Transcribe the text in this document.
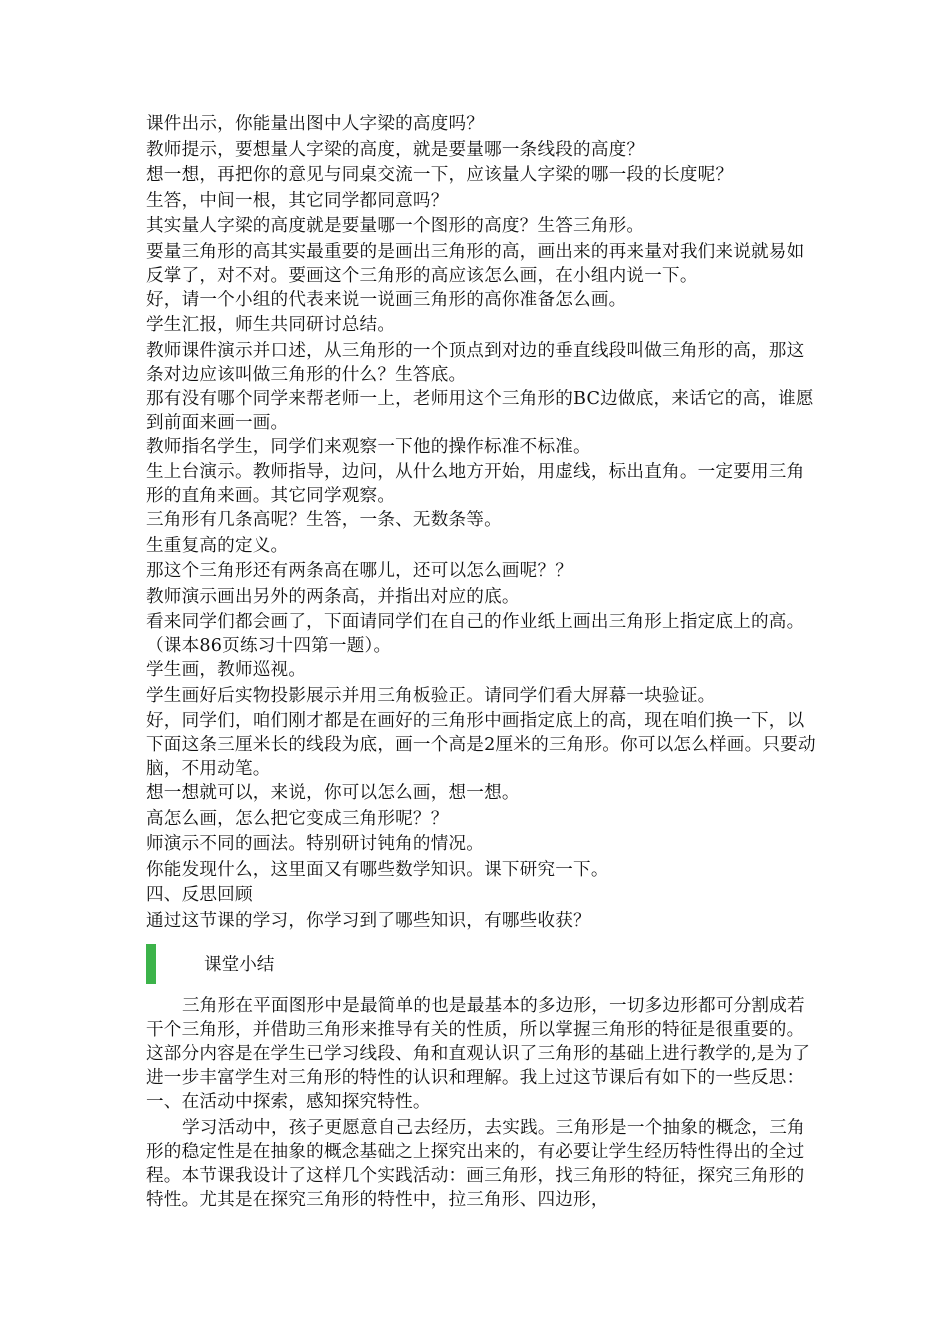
课件出示，你能量出图中人字梁的高度吗？

教师提示，要想量人字梁的高度，就是要量哪一条线段的高度？

想一想，再把你的意见与同桌交流一下，应该量人字梁的哪一段的长度呢？

生答，中间一根，其它同学都同意吗？

其实量人字梁的高度就是要量哪一个图形的高度？生答三角形。

要量三角形的高其实最重要的是画出三角形的高，画出来的再来量对我们来说就易如反掌了，对不对。要画这个三角形的高应该怎么画，在小组内说一下。

好，请一个小组的代表来说一说画三角形的高你准备怎么画。

学生汇报，师生共同研讨总结。

教师课件演示并口述，从三角形的一个顶点到对边的垂直线段叫做三角形的高，那这条对边应该叫做三角形的什么？生答底。

那有没有哪个同学来帮老师一上，老师用这个三角形的BC边做底，来话它的高，谁愿到前面来画一画。

教师指名学生，同学们来观察一下他的操作标准不标准。

生上台演示。教师指导，边问，从什么地方开始，用虚线，标出直角。一定要用三角形的直角来画。其它同学观察。

三角形有几条高呢？生答，一条、无数条等。

生重复高的定义。

那这个三角形还有两条高在哪儿，还可以怎么画呢？？

教师演示画出另外的两条高，并指出对应的底。

看来同学们都会画了，下面请同学们在自己的作业纸上画出三角形上指定底上的高。（课本86页练习十四第一题）。

学生画，教师巡视。

学生画好后实物投影展示并用三角板验正。请同学们看大屏幕一块验证。

好，同学们，咱们刚才都是在画好的三角形中画指定底上的高，现在咱们换一下，以下面这条三厘米长的线段为底，画一个高是2厘米的三角形。你可以怎么样画。只要动脑，不用动笔。

想一想就可以，来说，你可以怎么画，想一想。

高怎么画，怎么把它变成三角形呢？？

师演示不同的画法。特别研讨钝角的情况。

你能发现什么，这里面又有哪些数学知识。课下研究一下。

四、反思回顾

通过这节课的学习，你学习到了哪些知识，有哪些收获？

课堂小结

三角形在平面图形中是最简单的也是最基本的多边形，一切多边形都可分割成若干个三角形，并借助三角形来推导有关的性质，所以掌握三角形的特征是很重要的。这部分内容是在学生已学习线段、角和直观认识了三角形的基础上进行教学的,是为了进一步丰富学生对三角形的特性的认识和理解。我上过这节课后有如下的一些反思：

一、在活动中探索，感知探究特性。

学习活动中，孩子更愿意自己去经历，去实践。三角形是一个抽象的概念，三角形的稳定性是在抽象的概念基础之上探究出来的，有必要让学生经历特性得出的全过程。本节课我设计了这样几个实践活动：画三角形，找三角形的特征，探究三角形的特性。尤其是在探究三角形的特性中，拉三角形、四边形，
